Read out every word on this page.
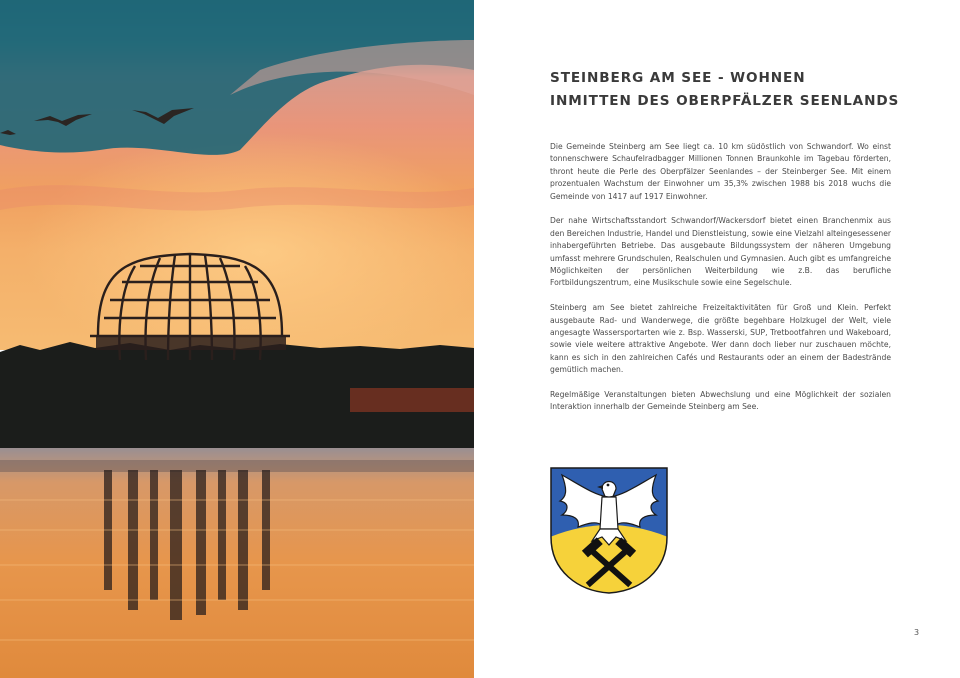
STEINBERG AM SEE - WOHNEN
INMITTEN DES OBERPFÄLZER SEENLANDS

Die Gemeinde Steinberg am See liegt ca. 10 km südöstlich von Schwandorf. Wo einst tonnenschwere Schaufelradbagger Millionen Tonnen Braunkohle im Tagebau förderten, thront heute die Perle des Oberpfälzer Seenlandes – der Steinberger See. Mit einem prozentualen Wachstum der Einwohner um 35,3% zwischen 1988 bis 2018 wuchs die Gemeinde von 1417 auf 1917 Einwohner.

Der nahe Wirtschaftsstandort Schwandorf/Wackersdorf bietet einen Branchenmix aus den Bereichen Industrie, Handel und Dienstleistung, sowie eine Vielzahl alteingesessener inhabergeführten Betriebe. Das ausgebaute Bildungssystem der näheren Umgebung umfasst mehrere Grundschulen, Realschulen und Gymnasien. Auch gibt es umfangreiche Möglichkeiten der persönlichen Weiterbildung wie z.B. das berufliche Fortbildungszentrum, eine Musikschule sowie eine Segelschule.

Steinberg am See bietet zahlreiche Freizeitaktivitäten für Groß und Klein. Perfekt ausgebaute Rad- und Wanderwege, die größte begehbare Holzkugel der Welt, viele angesagte Wassersportarten wie z. Bsp. Wasserski, SUP, Tretbootfahren und Wakeboard, sowie viele weitere attraktive Angebote. Wer dann doch lieber nur zuschauen möchte, kann es sich in den zahlreichen Cafés und Restaurants oder an einem der Badestrände gemütlich machen.

Regelmäßige Veranstaltungen bieten Abwechslung und eine Möglichkeit der sozialen Interaktion innerhalb der Gemeinde Steinberg am See.

3
